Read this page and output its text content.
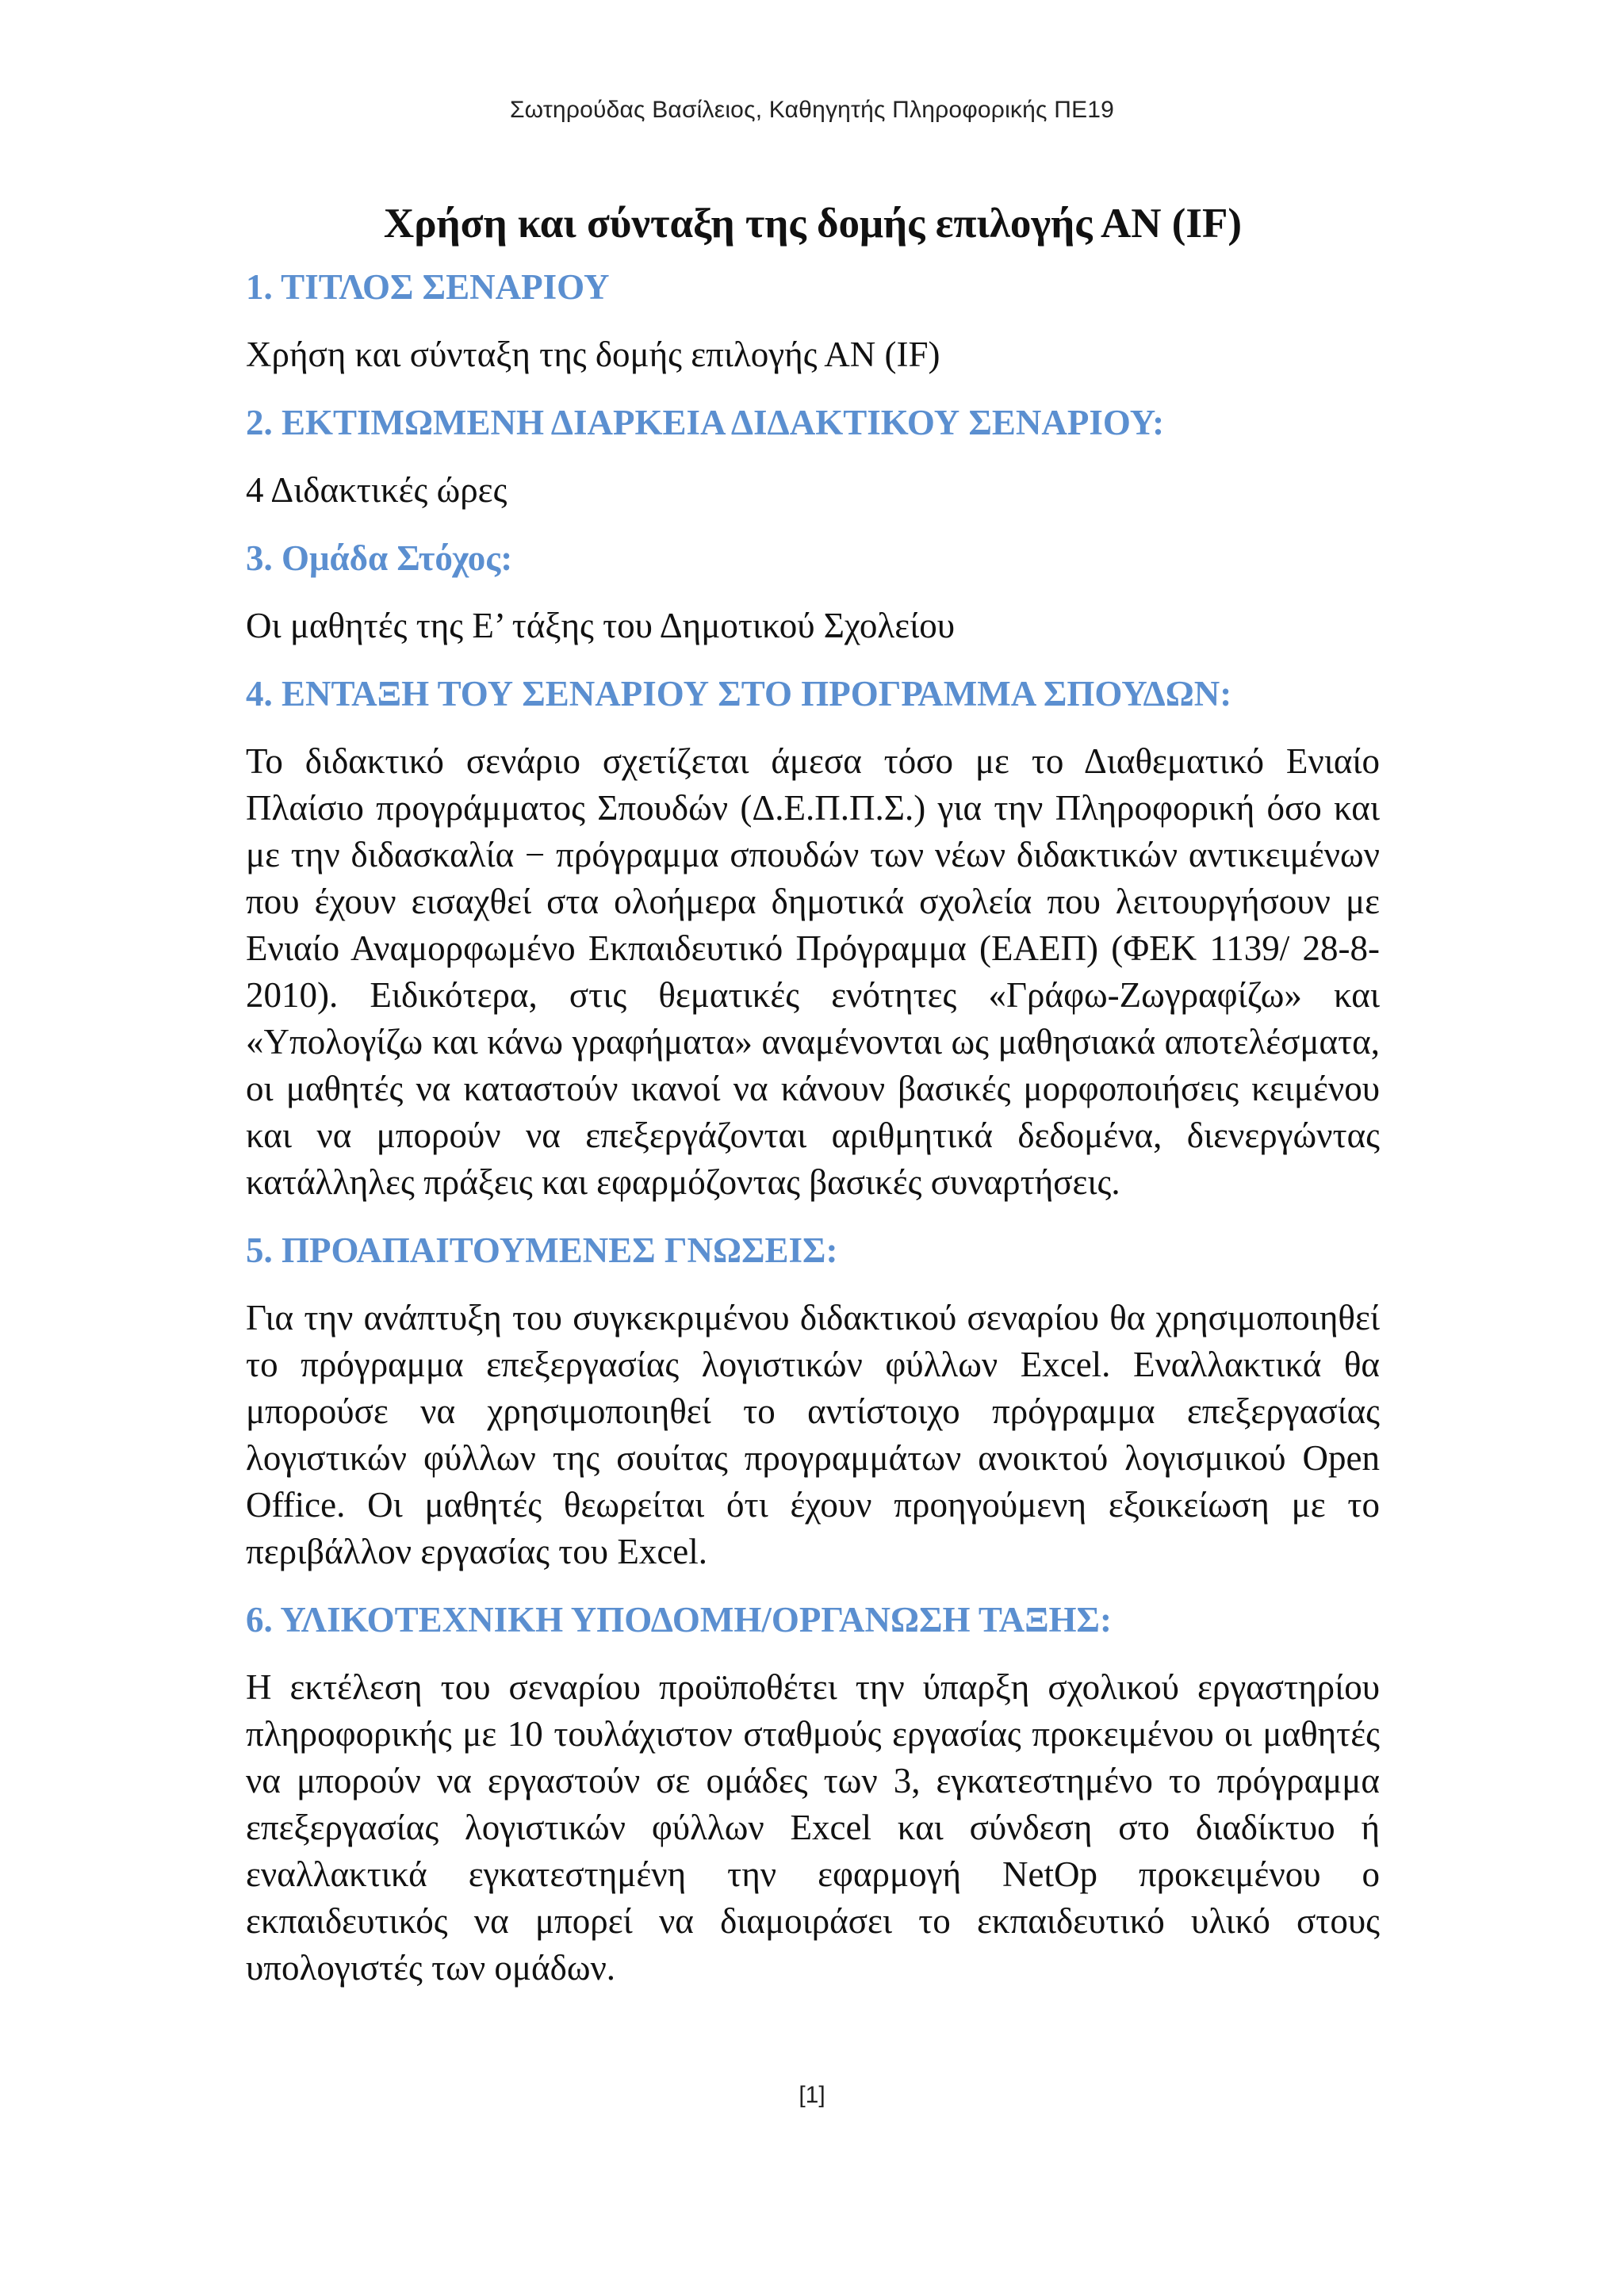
Σωτηρούδας Βασίλειος, Καθηγητής Πληροφορικής ΠΕ19
Χρήση και σύνταξη της δομής επιλογής ΑΝ (IF)
1. ΤΙΤΛΟΣ ΣΕΝΑΡΙΟΥ

Χρήση και σύνταξη της δομής επιλογής ΑΝ (IF)

2. ΕΚΤΙΜΩΜΕΝΗ ΔΙΑΡΚΕΙΑ ΔΙΔΑΚΤΙΚΟΥ ΣΕΝΑΡΙΟΥ:

4 Διδακτικές ώρες

3. Ομάδα Στόχος:

Οι μαθητές της Ε’ τάξης του Δημοτικού Σχολείου

4. ΕΝΤΑΞΗ ΤΟΥ ΣΕΝΑΡΙΟΥ ΣΤΟ ΠΡΟΓΡΑΜΜΑ ΣΠΟΥΔΩΝ:

Το διδακτικό σενάριο σχετίζεται άμεσα τόσο με το Διαθεματικό Ενιαίο Πλαίσιο προγράμματος Σπουδών (Δ.Ε.Π.Π.Σ.) για την Πληροφορική όσο και με την διδασκαλία − πρόγραμμα σπουδών των νέων διδακτικών αντικειμένων που έχουν εισαχθεί στα ολοήμερα δημοτικά σχολεία που λειτουργήσουν με Ενιαίο Αναμορφωμένο Εκπαιδευτικό Πρόγραμμα (ΕΑΕΠ) (ΦΕΚ 1139/ 28-8-2010). Ειδικότερα, στις θεματικές ενότητες «Γράφω-Ζωγραφίζω» και «Υπολογίζω και κάνω γραφήματα» αναμένονται ως μαθησιακά αποτελέσματα, οι μαθητές να καταστούν ικανοί να κάνουν βασικές μορφοποιήσεις κειμένου και να μπορούν να επεξεργάζονται αριθμητικά δεδομένα, διενεργώντας κατάλληλες πράξεις και εφαρμόζοντας βασικές συναρτήσεις.

5. ΠΡΟΑΠΑΙΤΟΥΜΕΝΕΣ ΓΝΩΣΕΙΣ:

Για την ανάπτυξη του συγκεκριμένου διδακτικού σεναρίου θα χρησιμοποιηθεί το πρόγραμμα επεξεργασίας λογιστικών φύλλων Excel. Εναλλακτικά θα μπορούσε να χρησιμοποιηθεί το αντίστοιχο πρόγραμμα επεξεργασίας λογιστικών φύλλων της σουίτας προγραμμάτων ανοικτού λογισμικού Open Office. Οι μαθητές θεωρείται ότι έχουν προηγούμενη εξοικείωση με το περιβάλλον εργασίας του Excel.

6. ΥΛΙΚΟΤΕΧΝΙΚΗ ΥΠΟΔΟΜΗ/ΟΡΓΑΝΩΣΗ ΤΑΞΗΣ:

Η εκτέλεση του σεναρίου προϋποθέτει την ύπαρξη σχολικού εργαστηρίου πληροφορικής με 10 τουλάχιστον σταθμούς εργασίας προκειμένου οι μαθητές να μπορούν να εργαστούν σε ομάδες των 3, εγκατεστημένο το πρόγραμμα επεξεργασίας λογιστικών φύλλων Excel και σύνδεση στο διαδίκτυο ή εναλλακτικά εγκατεστημένη την εφαρμογή NetOp προκειμένου ο εκπαιδευτικός να μπορεί να διαμοιράσει το εκπαιδευτικό υλικό στους υπολογιστές των ομάδων.

[1]
